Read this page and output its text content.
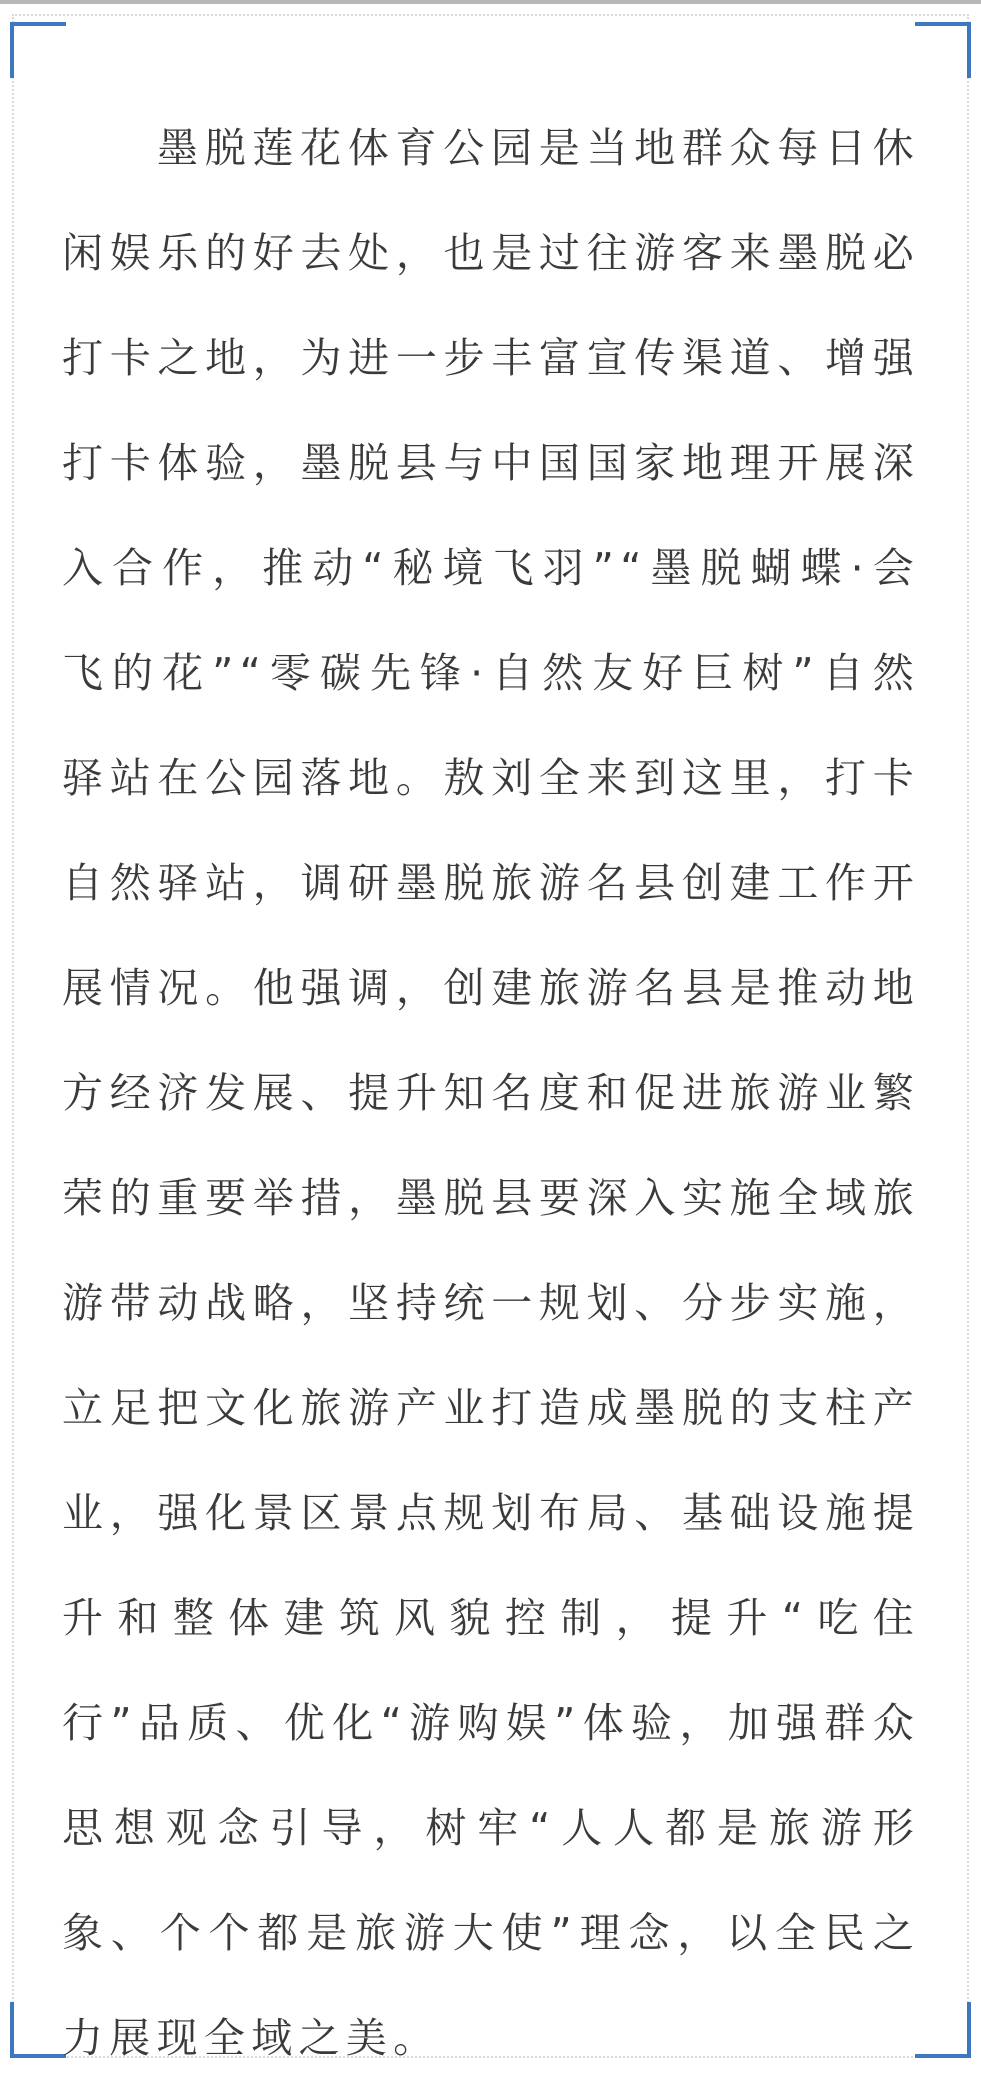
墨脱莲花体育公园是当地群众每日休闲娱乐的好去处，也是过往游客来墨脱必打卡之地，为进一步丰富宣传渠道、增强打卡体验，墨脱县与中国国家地理开展深入合作，推动“秘境飞羽”“墨脱蝴蝶·会飞的花”“零碳先锋·自然友好巨树”自然驿站在公园落地。敖刘全来到这里，打卡自然驿站，调研墨脱旅游名县创建工作开展情况。他强调，创建旅游名县是推动地方经济发展、提升知名度和促进旅游业繁荣的重要举措，墨脱县要深入实施全域旅游带动战略，坚持统一规划、分步实施，立足把文化旅游产业打造成墨脱的支柱产业，强化景区景点规划布局、基础设施提升和整体建筑风貌控制，提升“吃住行”品质、优化“游购娱”体验，加强群众思想观念引导，树牢“人人都是旅游形象、个个都是旅游大使”理念，以全民之力展现全域之美。
